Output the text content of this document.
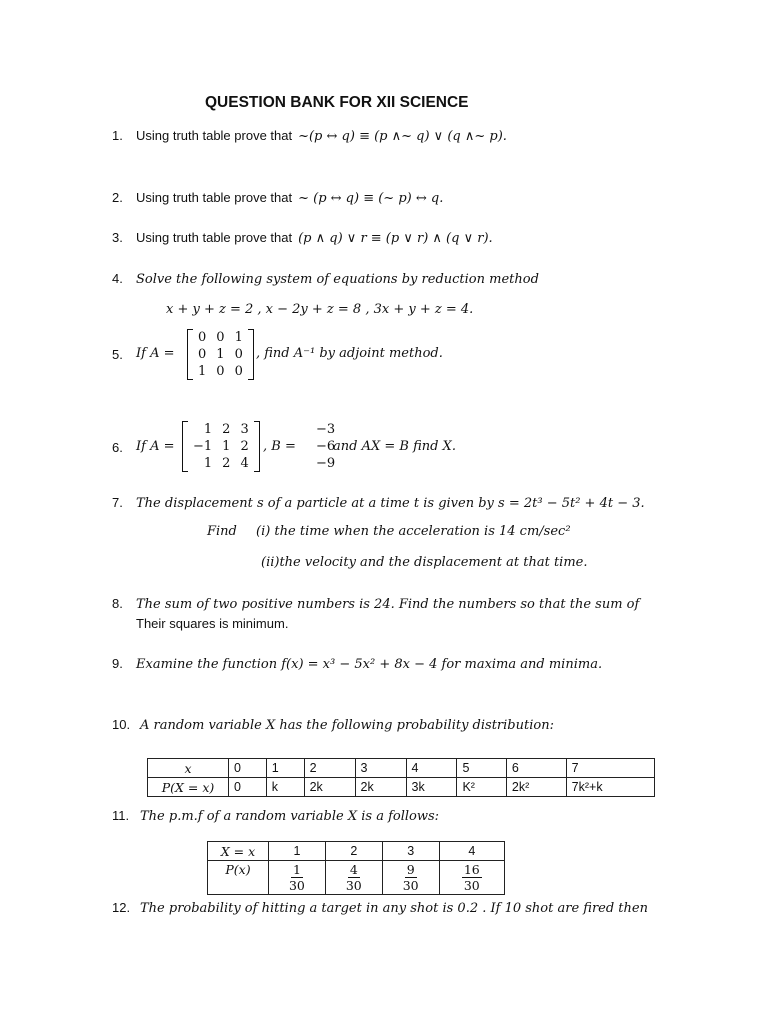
QUESTION BANK FOR XII SCIENCE
1.	Using truth table prove that ~(p ↔ q) ≡ (p ∧~ q) ∨ (q ∧~ p).
2.	Using truth table prove that ~ (p ↔ q) ≡ (~ p) ↔ q.
3.	Using truth table prove that (p ∧ q) ∨ r ≡ (p ∨ r) ∧ (q ∨ r).
4.	Solve the following system of equations by reduction method
x + y + z = 2 , x − 2y + z = 8 , 3x + y + z = 4.
5. If A =
0	0	1
0	1	0
1	0	0
, find A⁻¹ by adjoint method.
6. If A =
1	2	3
−1	1	2
1	2	4
, B =
−3
−6
−9
and AX = B find X.
7.	The displacement s of a particle at a time t is given by s = 2t³ − 5t² + 4t − 3.
Find (i) the time when the acceleration is 14 cm/sec²
(ii)the velocity and the displacement at that time.
8.	The sum of two positive numbers is 24. Find the numbers so that the sum of
Their squares is minimum.
9.	Examine the function f(x) = x³ − 5x² + 8x − 4 for maxima and minima.
10. A random variable X has the following probability distribution:
x	0	1	2	3	4	5	6	7
P(X = x)	0	k	2k	2k	3k	K²	2k²	7k²+k
11. The p.m.f of a random variable X is a follows:
X = x	1	2	3	4
P(x)	$\frac{1}{30}$	$\frac{4}{30}$	$\frac{9}{30}$	$\frac{16}{30}$
12. The probability of hitting a target in any shot is 0.2 . If 10 shot are fired then
